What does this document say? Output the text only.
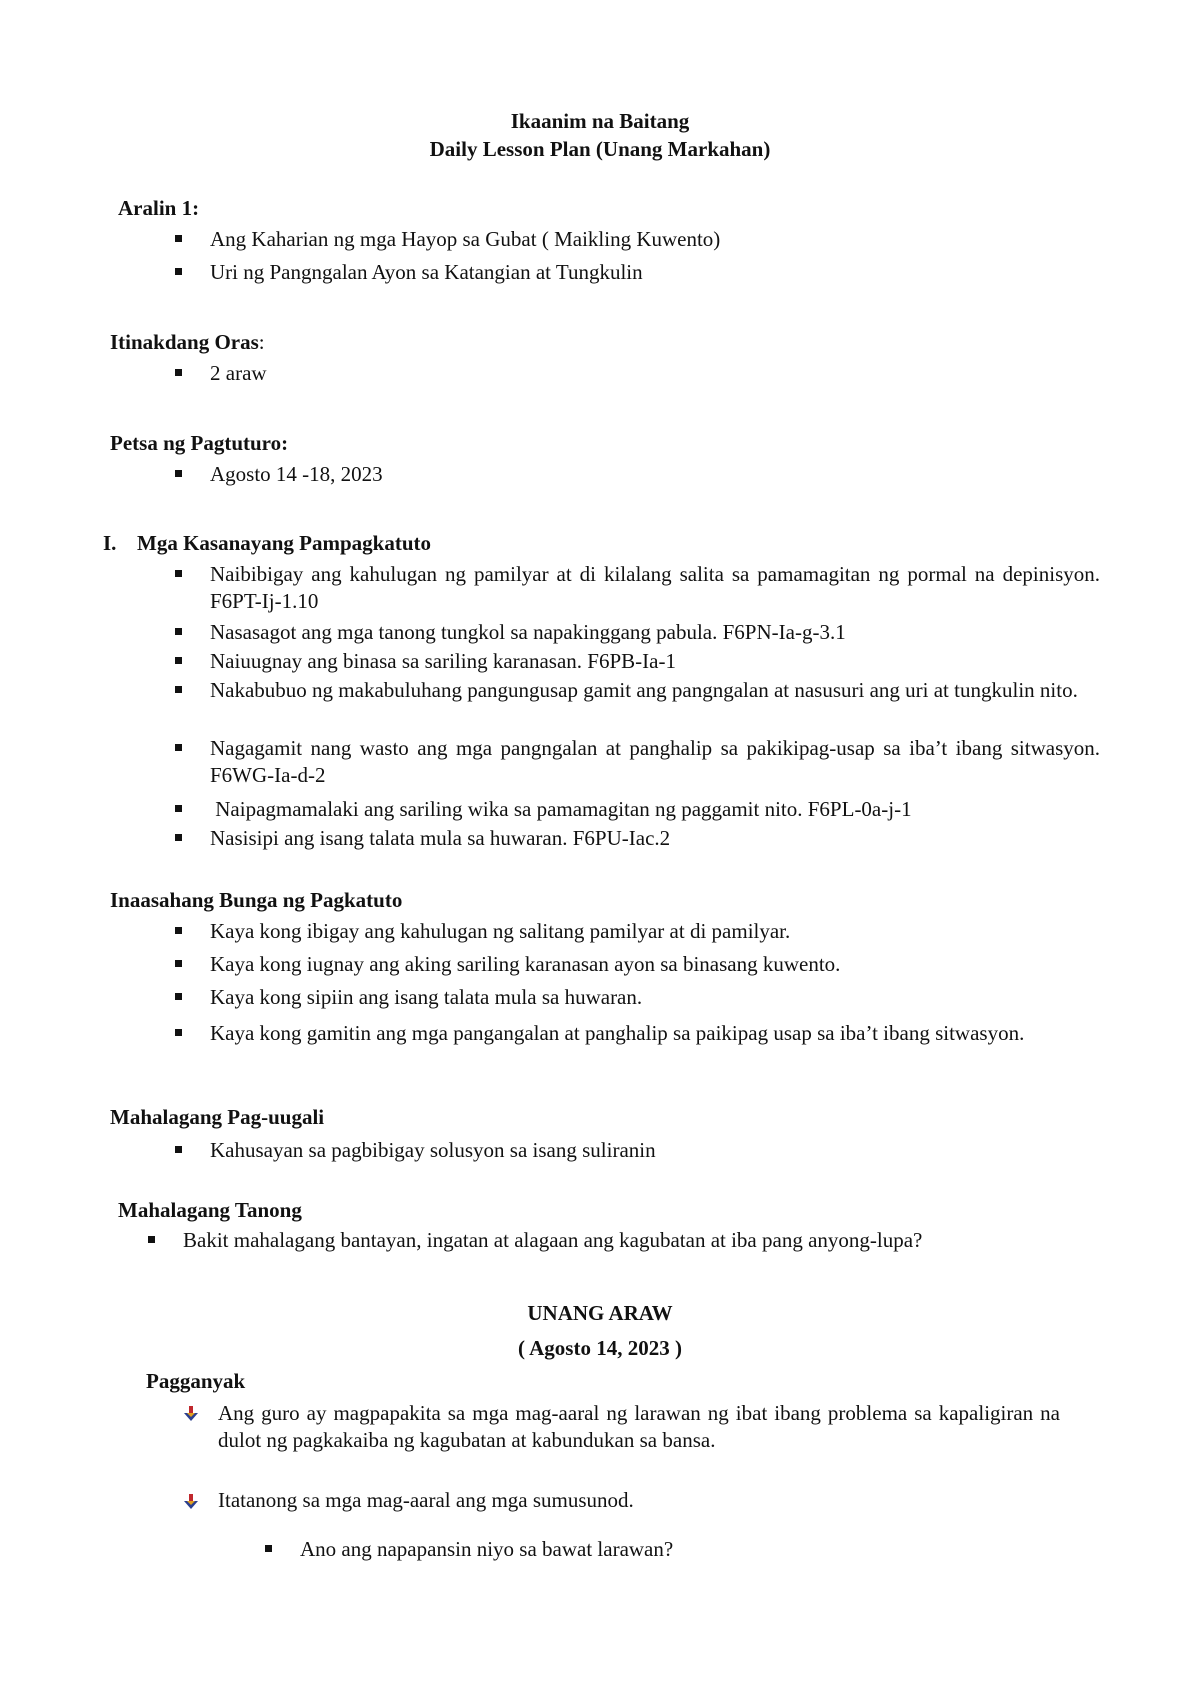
Ikaanim na Baitang
Daily Lesson Plan (Unang Markahan)
Aralin 1:
Ang Kaharian ng mga Hayop sa Gubat ( Maikling Kuwento)
Uri ng Pangngalan Ayon sa Katangian at Tungkulin
Itinakdang Oras:
2 araw
Petsa ng Pagtuturo:
Agosto 14 -18, 2023
I. Mga Kasanayang Pampagkatuto
Naibibigay ang kahulugan ng pamilyar at di kilalang salita sa pamamagitan ng pormal na depinisyon. F6PT-Ij-1.10
Nasasagot ang mga tanong tungkol sa napakinggang pabula. F6PN-Ia-g-3.1
Naiuugnay ang binasa sa sariling karanasan. F6PB-Ia-1
Nakabubuo ng makabuluhang pangungusap gamit ang pangngalan at nasusuri ang uri at tungkulin nito.
Nagagamit nang wasto ang mga pangngalan at panghalip sa pakikipag-usap sa iba’t ibang sitwasyon. F6WG-Ia-d-2
Naipagmamalaki ang sariling wika sa pamamagitan ng paggamit nito. F6PL-0a-j-1
Nasisipi ang isang talata mula sa huwaran. F6PU-Iac.2
Inaasahang Bunga ng Pagkatuto
Kaya kong ibigay ang kahulugan ng salitang pamilyar at di pamilyar.
Kaya kong iugnay ang aking sariling karanasan ayon sa binasang kuwento.
Kaya kong sipiin ang isang talata mula sa huwaran.
Kaya kong gamitin ang mga pangangalan at panghalip sa paikipag usap sa iba’t ibang sitwasyon.
Mahalagang Pag-uugali
Kahusayan sa pagbibigay solusyon sa isang suliranin
Mahalagang Tanong
Bakit mahalagang bantayan, ingatan at alagaan ang kagubatan at iba pang anyong-lupa?
UNANG ARAW
( Agosto 14, 2023 )
Pagganyak
Ang guro ay magpapakita sa mga mag-aaral ng larawan ng ibat ibang problema sa kapaligiran na dulot ng pagkakaiba ng kagubatan at kabundukan sa bansa.
Itatanong sa mga mag-aaral ang mga sumusunod.
Ano ang napapansin niyo sa bawat larawan?
